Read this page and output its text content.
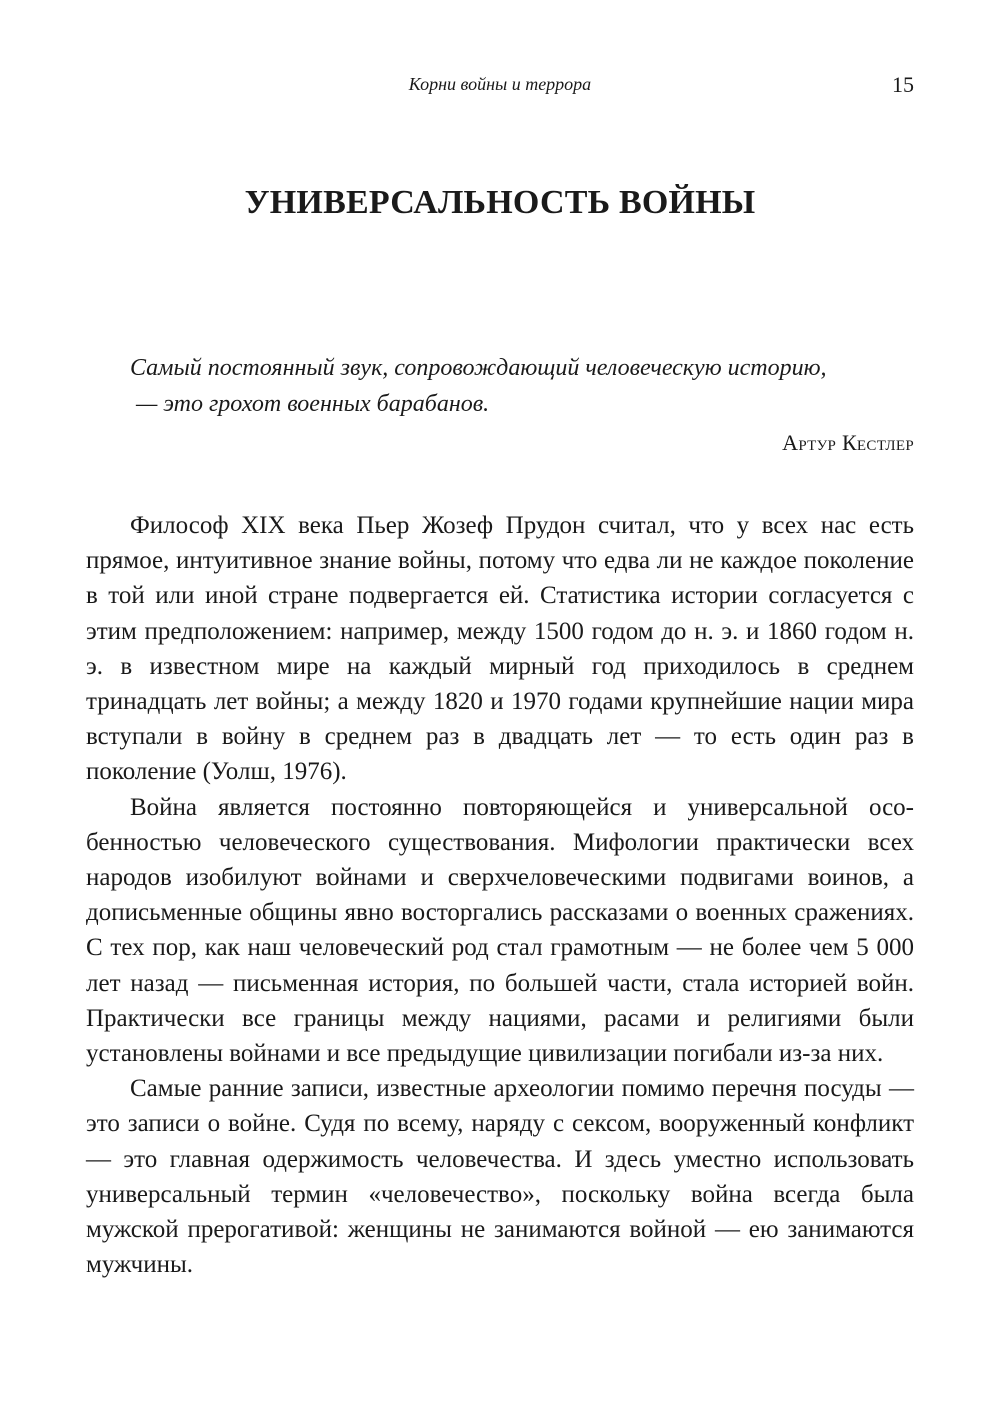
Корни войны и террора	15
УНИВЕРСАЛЬНОСТЬ ВОЙНЫ
Самый постоянный звук, сопровождающий человеческую историю,
— это грохот военных барабанов.
Артур Кестлер

Философ XIX века Пьер Жозеф Прудон считал, что у всех нас есть прямое, интуитивное знание войны, потому что едва ли не каждое поколение в той или иной стране подвергается ей. Статистика истории согласуется с этим предположением: например, между 1500 годом до н. э. и 1860 годом н. э. в известном мире на каждый мирный год приходилось в среднем тринадцать лет войны; а между 1820 и 1970 годами крупнейшие нации мира вступали в войну в среднем раз в двадцать лет — то есть один раз в поколение (Уолш, 1976).

Война является постоянно повторяющейся и универсальной особенностью человеческого существования. Мифологии практически всех народов изобилуют войнами и сверхчеловеческими подвигами воинов, а дописьменные общины явно восторгались рассказами о военных сражениях. С тех пор, как наш человеческий род стал грамотным — не более чем 5 000 лет назад — письменная история, по большей части, стала историей войн. Практически все границы между нациями, расами и религиями были установлены войнами и все предыдущие цивилизации погибали из-за них.

Самые ранние записи, известные археологии помимо перечня посуды — это записи о войне. Судя по всему, наряду с сексом, вооруженный конфликт — это главная одержимость человечества. И здесь уместно использовать универсальный термин «человечество», поскольку война всегда была мужской прерогативой: женщины не занимаются войной — ею занимаются мужчины.
